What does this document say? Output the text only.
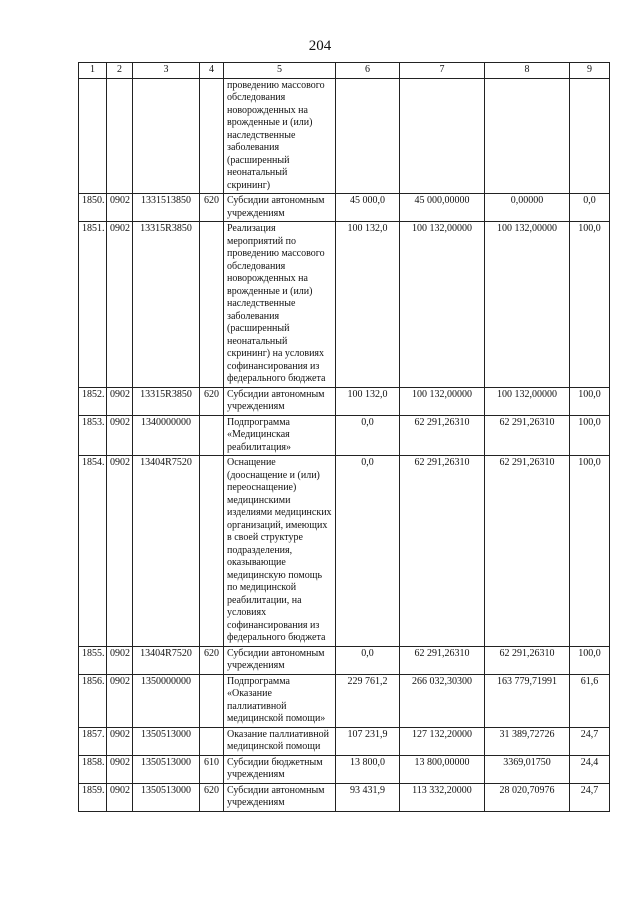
204
1	2	3	4	5	6	7	8	9
				проведению массового обследования новорожденных на врожденные и (или) наследственные заболевания (расширенный неонатальный скрининг)				
1850.	0902	1331513850	620	Субсидии автономным учреждениям	45 000,0	45 000,00000	0,00000	0,0
1851.	0902	13315R3850		Реализация мероприятий по проведению массового обследования новорожденных на врожденные и (или) наследственные заболевания (расширенный неонатальный скрининг) на условиях софинансирования из федерального бюджета	100 132,0	100 132,00000	100 132,00000	100,0
1852.	0902	13315R3850	620	Субсидии автономным учреждениям	100 132,0	100 132,00000	100 132,00000	100,0
1853.	0902	1340000000		Подпрограмма «Медицинская реабилитация»	0,0	62 291,26310	62 291,26310	100,0
1854.	0902	13404R7520		Оснащение (дооснащение и (или) переоснащение) медицинскими изделиями медицинских организаций, имеющих в своей структуре подразделения, оказывающие медицинскую помощь по медицинской реабилитации, на условиях софинансирования из федерального бюджета	0,0	62 291,26310	62 291,26310	100,0
1855.	0902	13404R7520	620	Субсидии автономным учреждениям	0,0	62 291,26310	62 291,26310	100,0
1856.	0902	1350000000		Подпрограмма «Оказание паллиативной медицинской помощи»	229 761,2	266 032,30300	163 779,71991	61,6
1857.	0902	1350513000		Оказание паллиативной медицинской помощи	107 231,9	127 132,20000	31 389,72726	24,7
1858.	0902	1350513000	610	Субсидии бюджетным учреждениям	13 800,0	13 800,00000	3369,01750	24,4
1859.	0902	1350513000	620	Субсидии автономным учреждениям	93 431,9	113 332,20000	28 020,70976	24,7
